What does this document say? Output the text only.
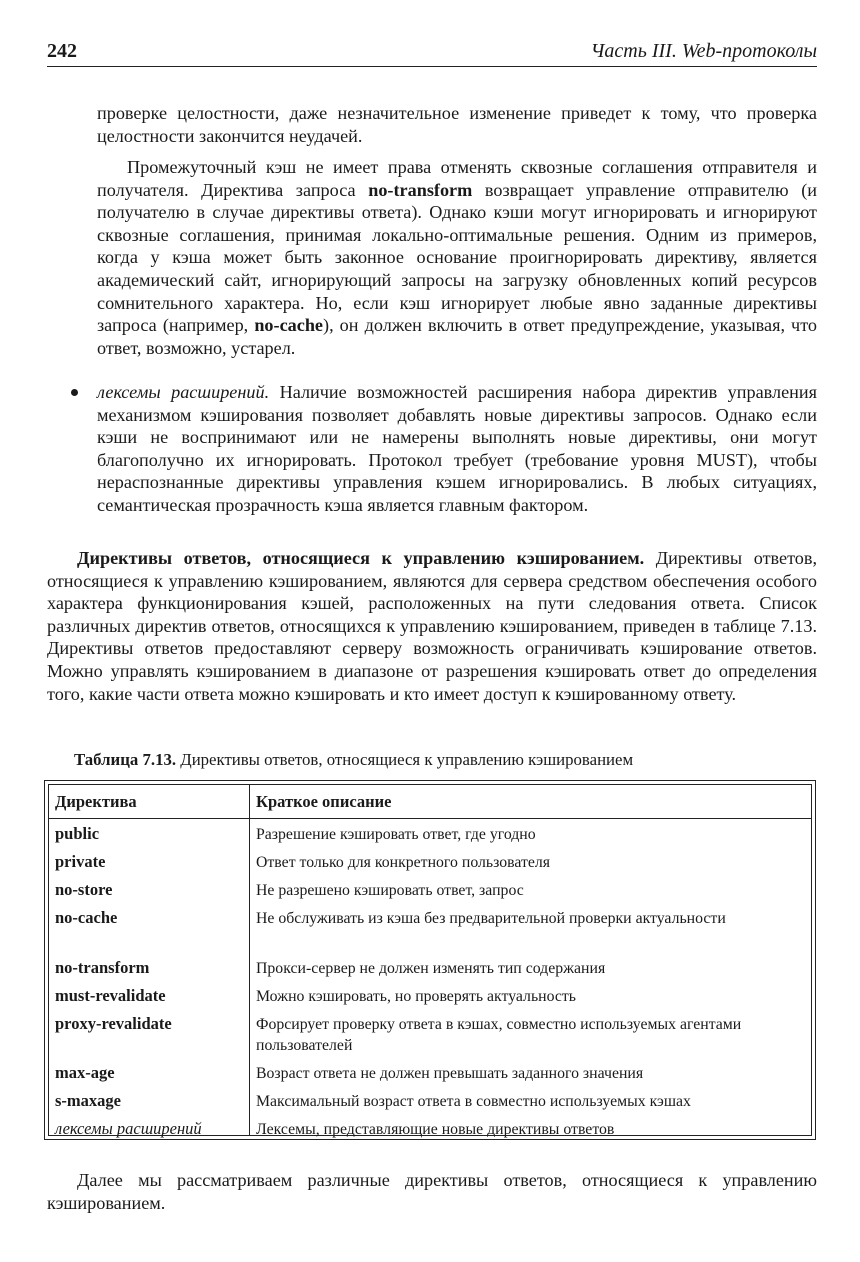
242	Часть III. Web-протоколы

проверке целостности, даже незначительное изменение приведет к тому, что проверка целостности закончится неудачей.

Промежуточный кэш не имеет права отменять сквозные соглашения отправителя и получателя. Директива запроса no-transform возвращает управление отправителю (и получателю в случае директивы ответа). Однако кэши могут игнорировать и игнорируют сквозные соглашения, принимая локально-оптимальные решения. Одним из примеров, когда у кэша может быть законное основание проигнорировать директиву, является академический сайт, игнорирующий запросы на загрузку обновленных копий ресурсов сомнительного характера. Но, если кэш игнорирует любые явно заданные директивы запроса (например, no-cache), он должен включить в ответ предупреждение, указывая, что ответ, возможно, устарел.

лексемы расширений. Наличие возможностей расширения набора директив управления механизмом кэширования позволяет добавлять новые директивы запросов. Однако если кэши не воспринимают или не намерены выполнять новые директивы, они могут благополучно их игнорировать. Протокол требует (требование уровня MUST), чтобы нераспознанные директивы управления кэшем игнорировались. В любых ситуациях, семантическая прозрачность кэша является главным фактором.

Директивы ответов, относящиеся к управлению кэшированием. Директивы ответов, относящиеся к управлению кэшированием, являются для сервера средством обеспечения особого характера функционирования кэшей, расположенных на пути следования ответа. Список различных директив ответов, относящихся к управлению кэшированием, приведен в таблице 7.13. Директивы ответов предоставляют серверу возможность ограничивать кэширование ответов. Можно управлять кэшированием в диапазоне от разрешения кэшировать ответ до определения того, какие части ответа можно кэшировать и кто имеет доступ к кэшированному ответу.

Таблица 7.13. Директивы ответов, относящиеся к управлению кэшированием
Директива	Краткое описание
public	Разрешение кэшировать ответ, где угодно
private	Ответ только для конкретного пользователя
no-store	Не разрешено кэшировать ответ, запрос
no-cache	Не обслуживать из кэша без предварительной проверки актуальности
no-transform	Прокси-сервер не должен изменять тип содержания
must-revalidate	Можно кэшировать, но проверять актуальность
proxy-revalidate	Форсирует проверку ответа в кэшах, совместно используемых агентами пользователей
max-age	Возраст ответа не должен превышать заданного значения
s-maxage	Максимальный возраст ответа в совместно используемых кэшах
лексемы расширений	Лексемы, представляющие новые директивы ответов

Далее мы рассматриваем различные директивы ответов, относящиеся к управлению кэшированием.
